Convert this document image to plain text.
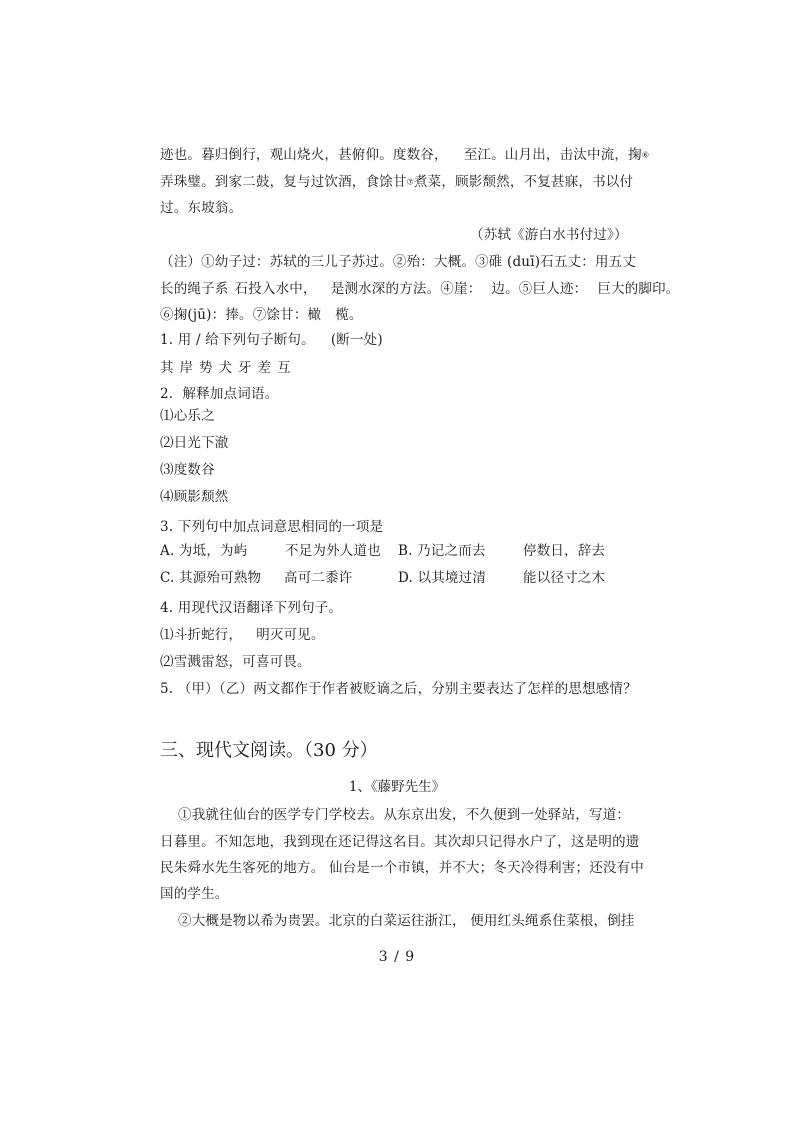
迹也。暮归倒行，观山烧火，甚俯仰。度数谷， 至江。山月出，击汰中流，掬⑥
弄珠璧。到家二鼓，复与过饮酒，食馀甘⑦煮菜，顾影颓然，不复甚寐，书以付
过。东坡翁。
（苏轼《游白水书付过》）
（注）①幼子过：苏轼的三儿子苏过。②殆：大概。③碓 (duī)石五丈：用五丈
长的绳子系 石投入水中， 是测水深的方法。④崖： 边。⑤巨人迹： 巨大的脚印。
⑥掬(jū)：捧。⑦馀甘：橄 榄。
1. 用 / 给下列句子断句。 (断一处)
其岸势犬牙差互
2．解释加点词语。
⑴心乐之
⑵日光下澈
⑶度数谷
⑷顾影颓然
3. 下列句中加点词意思相同的一项是
A. 为坻，为屿	不足为外人道也 B. 乃记之而去	停数日，辞去
C. 其源殆可熟物 高可二黍许	D. 以其境过清	能以径寸之木
4. 用现代汉语翻译下列句子。
⑴斗折蛇行， 明灭可见。
⑵雪溅雷怒，可喜可畏。
5. （甲）（乙）两文都作于作者被贬谪之后，分别主要表达了怎样的思想感情？
三、现代文阅读。（30 分）
1、《藤野先生》
①我就往仙台的医学专门学校去。从东京出发，不久便到一处驿站，写道：
日暮里。不知怎地，我到现在还记得这名目。其次却只记得水户了，这是明的遗
民朱舜水先生客死的地方。 仙台是一个市镇，并不大；冬天冷得利害；还没有中
国的学生。
②大概是物以希为贵罢。北京的白菜运往浙江， 便用红头绳系住菜根，倒挂
3 / 9
